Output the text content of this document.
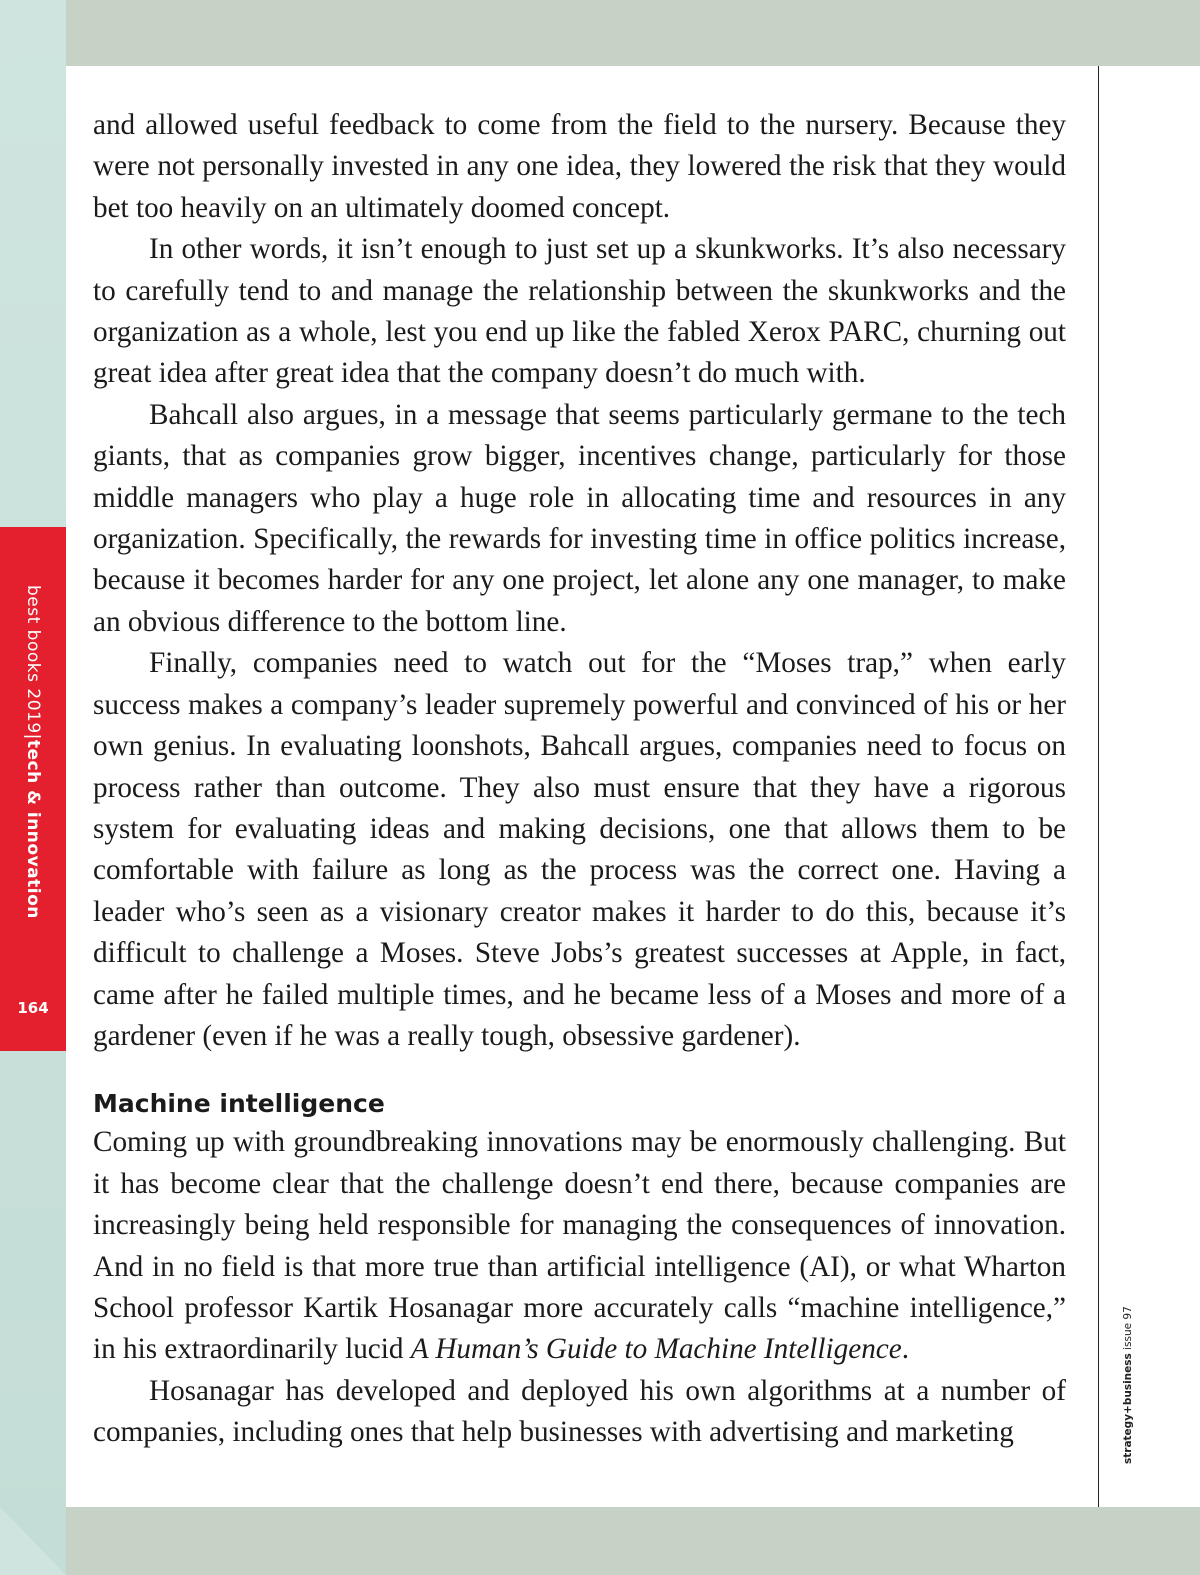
best books 2019|tech & innovation
164
strategy+business issue 97

and allowed useful feedback to come from the field to the nursery. Because they were not personally invested in any one idea, they lowered the risk that they would bet too heavily on an ultimately doomed concept.

In other words, it isn’t enough to just set up a skunkworks. It’s also necessary to carefully tend to and manage the relationship between the skunkworks and the organization as a whole, lest you end up like the fabled Xerox PARC, churning out great idea after great idea that the company doesn’t do much with.

Bahcall also argues, in a message that seems particularly germane to the tech giants, that as companies grow bigger, incentives change, particularly for those middle managers who play a huge role in allocating time and resources in any organization. Specifically, the rewards for investing time in office politics increase, because it becomes harder for any one project, let alone any one manager, to make an obvious difference to the bottom line.

Finally, companies need to watch out for the “Moses trap,” when early success makes a company’s leader supremely powerful and convinced of his or her own genius. In evaluating loonshots, Bahcall argues, companies need to focus on process rather than outcome. They also must ensure that they have a rigorous system for evaluating ideas and making decisions, one that allows them to be comfortable with failure as long as the process was the correct one. Having a leader who’s seen as a visionary creator makes it harder to do this, because it’s difficult to challenge a Moses. Steve Jobs’s greatest successes at Apple, in fact, came after he failed multiple times, and he became less of a Moses and more of a gardener (even if he was a really tough, obsessive gardener).

Machine intelligence

Coming up with groundbreaking innovations may be enormously challenging. But it has become clear that the challenge doesn’t end there, because companies are increasingly being held responsible for managing the consequences of innovation. And in no field is that more true than artificial intelligence (AI), or what Wharton School professor Kartik Hosanagar more accurately calls “machine intelligence,” in his extraordinarily lucid A Human’s Guide to Machine Intelligence.

Hosanagar has developed and deployed his own algorithms at a number of companies, including ones that help businesses with advertising and marketing
